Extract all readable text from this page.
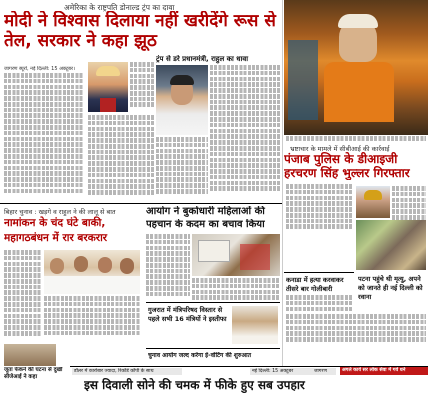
अमेरिका के राष्ट्रपति डोनाल्ड ट्रंप का दावा
मोदी ने विश्वास दिलाया नहीं खरीदेंगे रूस से तेल, सरकार ने कहा झूठ
ट्रंप से डरे प्रधानमंत्री, राहुल का धावा
जागरण ब्यूरो, नई दिल्ली: 15 अक्टूबर।
भ्रष्टाचार के मामले में सीबीआई की कार्रवाई
पंजाब पुलिस के डीआइजी हरचरण सिंह भुल्लर गिरफ्तार
बिहार चुनाव : खड़गे व राहुल ने की लालू से बात
नामांकन के चंद घंटे बाकी, महागठबंधन में रार बरकरार
आयोग ने बुर्काधारी महिलाओं की
पहचान के कदम का बचाव किया
गुजरात में मंत्रिपरिषद विस्तार से पहले सभी 16 मंत्रियों ने इस्तीफा
चुनाव आयोग जल्द करेगा ई-वोटिंग की शुरुआत
कनाडा में हत्या करवाकर तीसरे बार गोलीबारी
पटना पहुंचे थी मृत्यु, अपने को जानते ही नई दिल्ली को रवाना
जूता फेंकने की घटना से दुखी सीजेआई ने कहा
डॉलर में कारोबार ज्यादा, रिकॉर्ड कॉपी के साथ	नई दिल्ली: 15 अक्टूबर	जागरण	अगले कार्य सर लोक सेवा में गर्व धने
इस दिवाली सोने की चमक में फीके हुए सब उपहार
